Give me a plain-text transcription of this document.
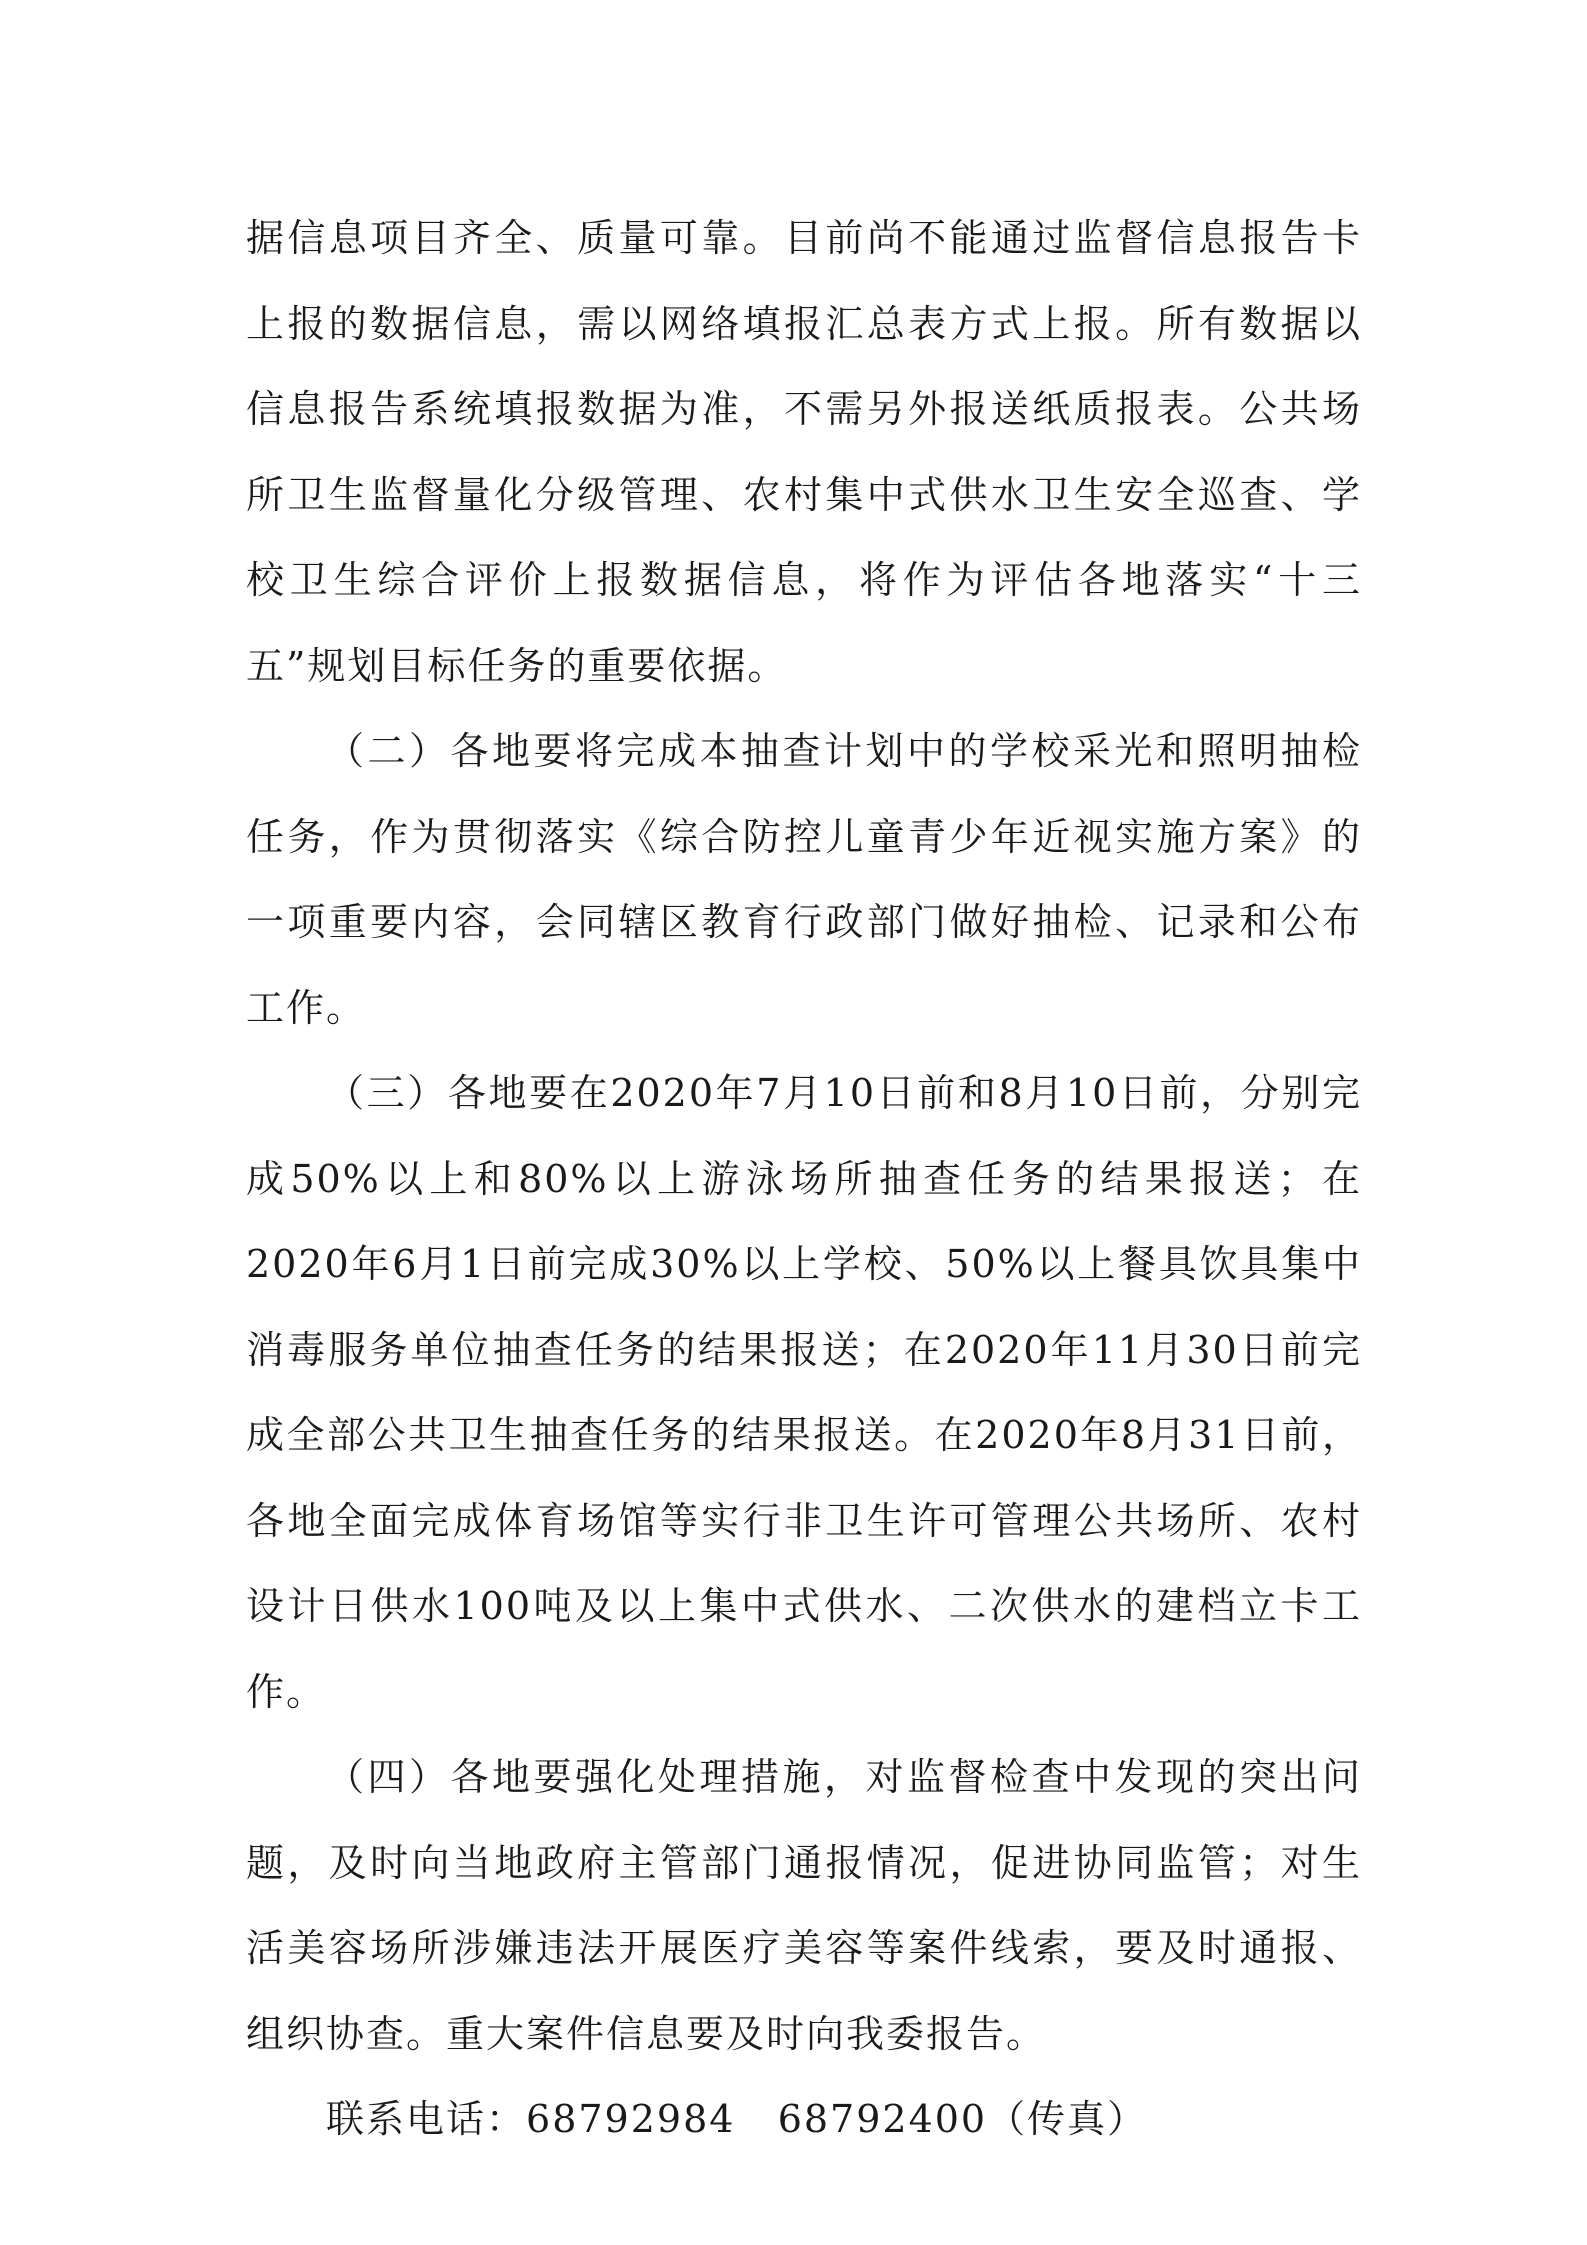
据信息项目齐全、质量可靠。目前尚不能通过监督信息报告卡上报的数据信息，需以网络填报汇总表方式上报。所有数据以信息报告系统填报数据为准，不需另外报送纸质报表。公共场所卫生监督量化分级管理、农村集中式供水卫生安全巡查、学校卫生综合评价上报数据信息，将作为评估各地落实“十三五”规划目标任务的重要依据。

（二）各地要将完成本抽查计划中的学校采光和照明抽检任务，作为贯彻落实《综合防控儿童青少年近视实施方案》的一项重要内容，会同辖区教育行政部门做好抽检、记录和公布工作。

（三）各地要在2020年7月10日前和8月10日前，分别完成50%以上和80%以上游泳场所抽查任务的结果报送；在2020年6月1日前完成30%以上学校、50%以上餐具饮具集中消毒服务单位抽查任务的结果报送；在2020年11月30日前完成全部公共卫生抽查任务的结果报送。在2020年8月31日前，各地全面完成体育场馆等实行非卫生许可管理公共场所、农村设计日供水100吨及以上集中式供水、二次供水的建档立卡工作。

（四）各地要强化处理措施，对监督检查中发现的突出问题，及时向当地政府主管部门通报情况，促进协同监管；对生活美容场所涉嫌违法开展医疗美容等案件线索，要及时通报、组织协查。重大案件信息要及时向我委报告。

联系电话：68792984 68792400（传真）
